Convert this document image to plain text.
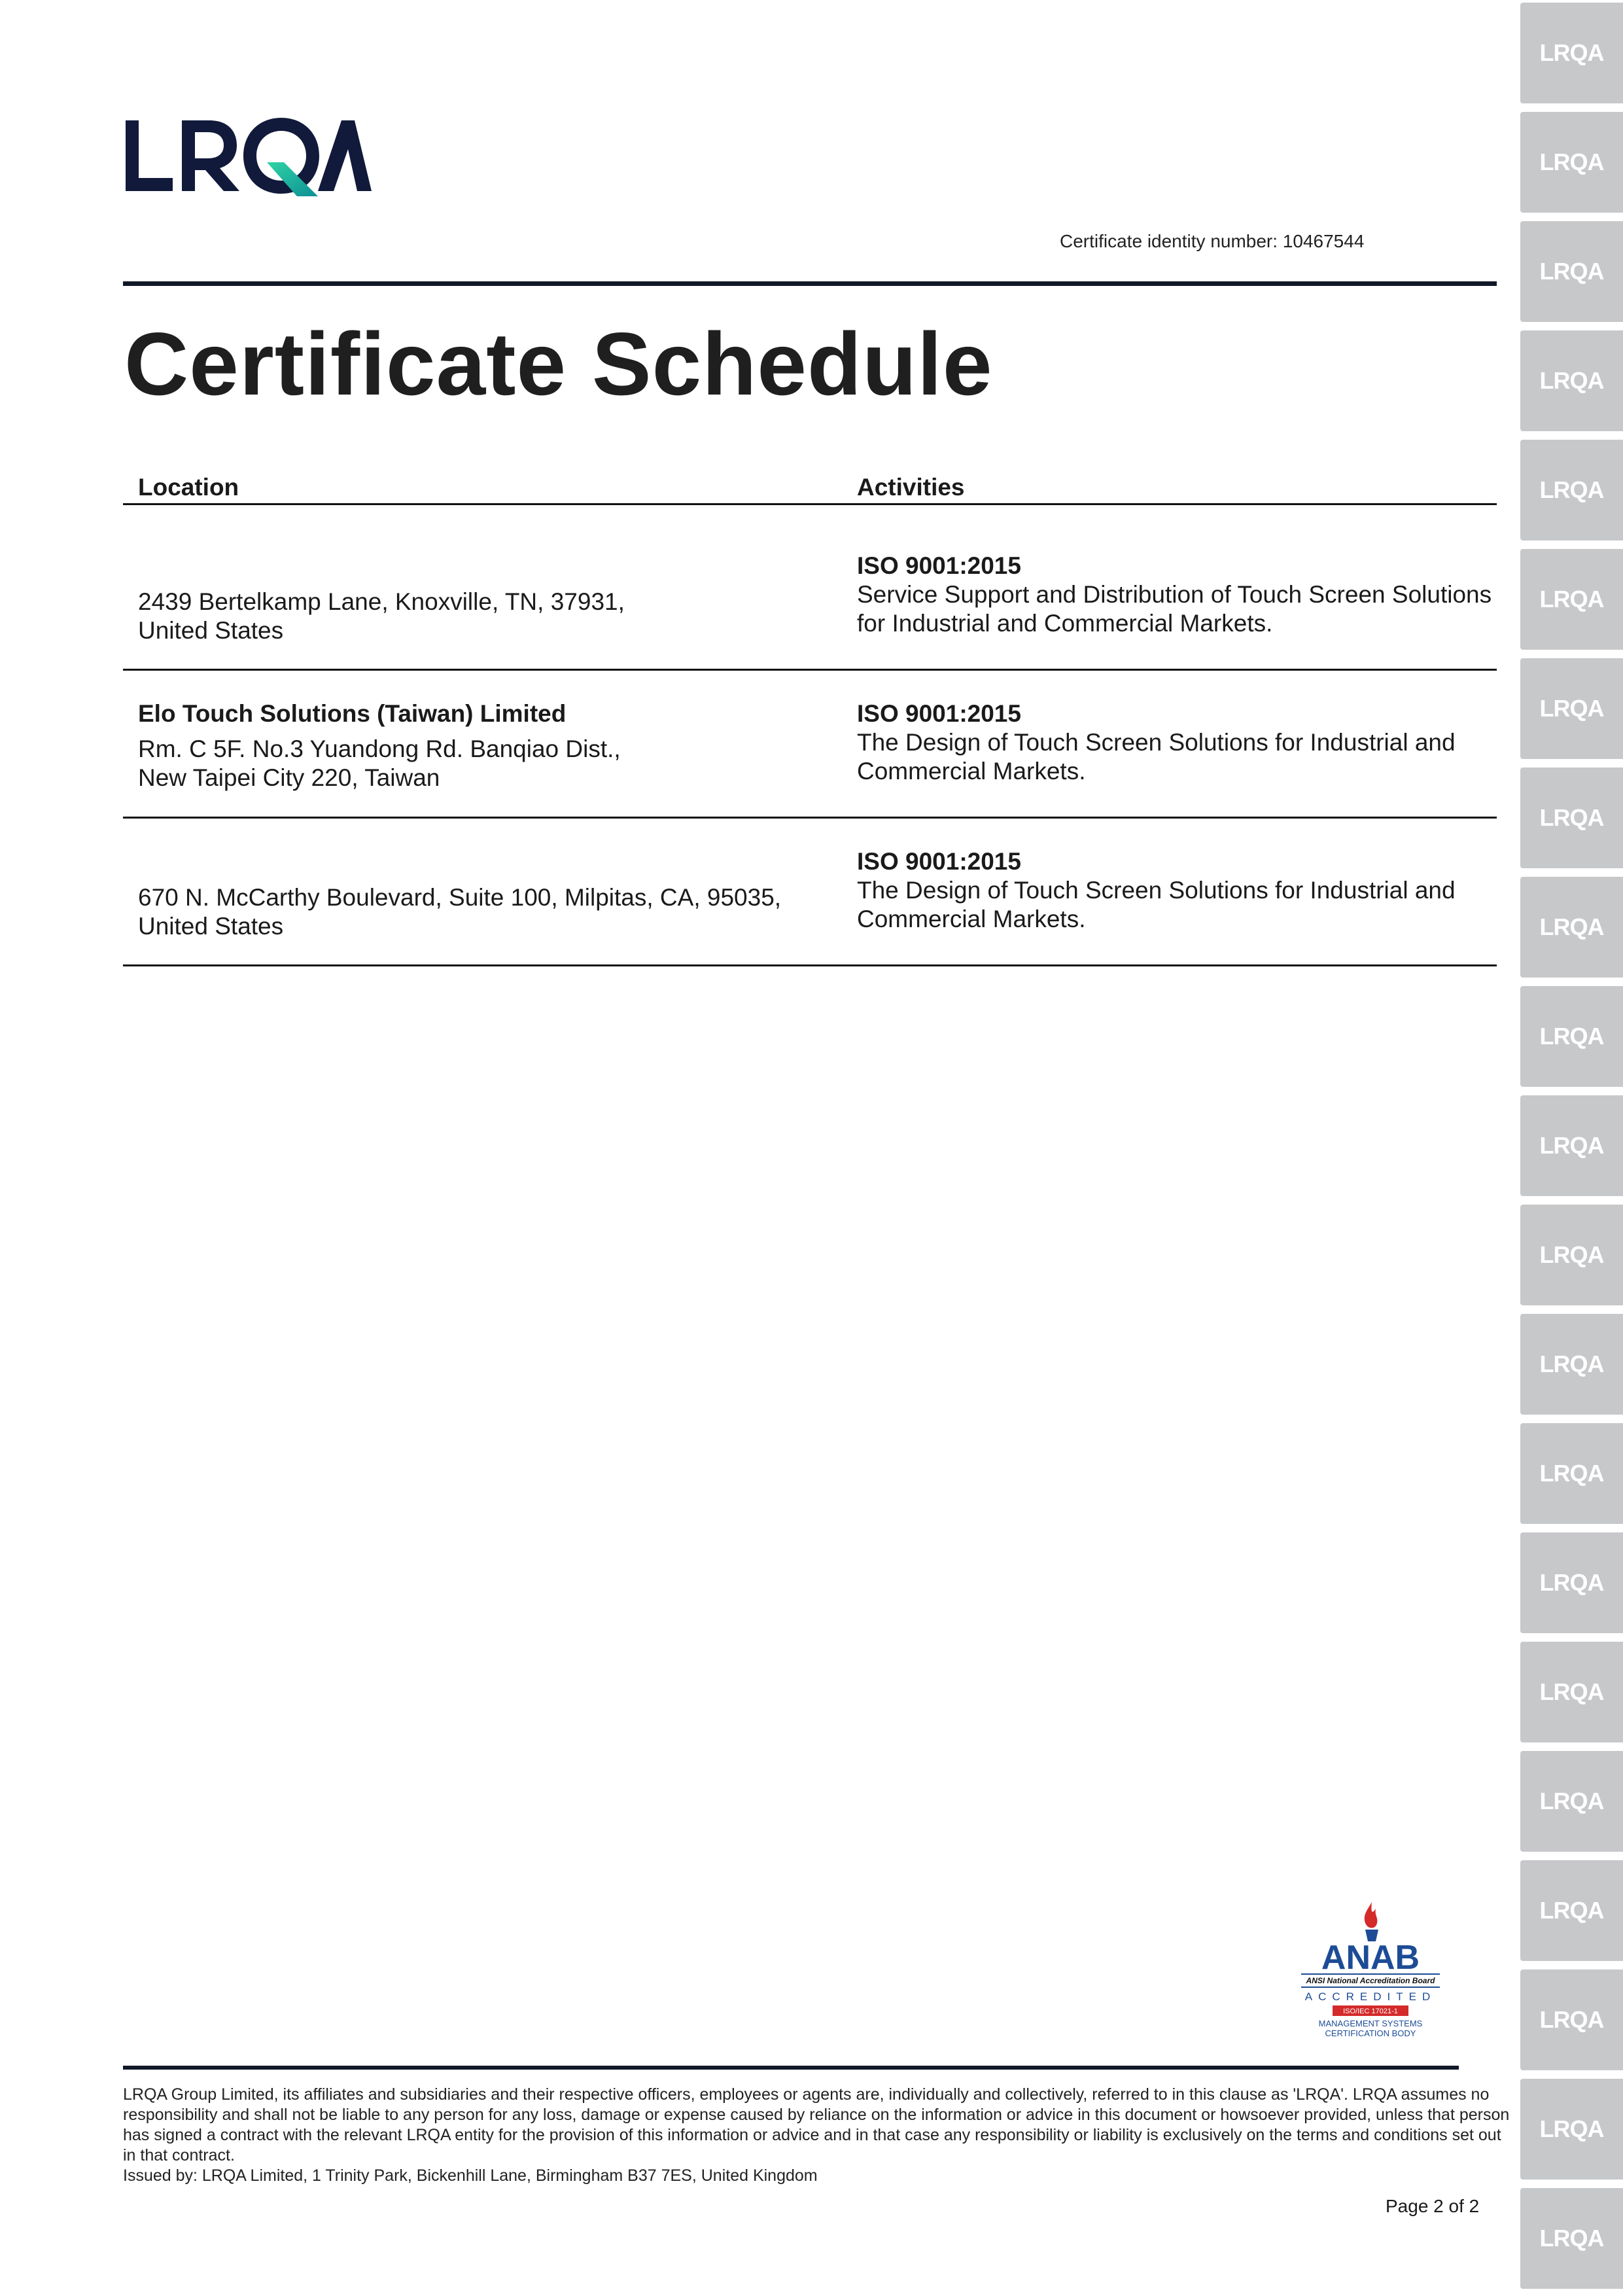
Certificate identity number: 10467544
Certificate Schedule
Location	Activities
2439 Bertelkamp Lane, Knoxville, TN, 37931,
United States
ISO 9001:2015
Service Support and Distribution of Touch Screen Solutions for Industrial and Commercial Markets.
Elo Touch Solutions (Taiwan) Limited
Rm. C 5F. No.3 Yuandong Rd. Banqiao Dist.,
New Taipei City 220, Taiwan
ISO 9001:2015
The Design of Touch Screen Solutions for Industrial and Commercial Markets.
670 N. McCarthy Boulevard, Suite 100, Milpitas, CA, 95035,
United States
ISO 9001:2015
The Design of Touch Screen Solutions for Industrial and Commercial Markets.
ANAB
ANSI National Accreditation Board
ACCREDITED
ISO/IEC 17021-1
MANAGEMENT SYSTEMS
CERTIFICATION BODY
LRQA Group Limited, its affiliates and subsidiaries and their respective officers, employees or agents are, individually and collectively, referred to in this clause as 'LRQA'. LRQA assumes no responsibility and shall not be liable to any person for any loss, damage or expense caused by reliance on the information or advice in this document or howsoever provided, unless that person has signed a contract with the relevant LRQA entity for the provision of this information or advice and in that case any responsibility or liability is exclusively on the terms and conditions set out in that contract.
Issued by: LRQA Limited, 1 Trinity Park, Bickenhill Lane, Birmingham B37 7ES, United Kingdom
Page 2 of 2
LRQA
LRQA
LRQA
LRQA
LRQA
LRQA
LRQA
LRQA
LRQA
LRQA
LRQA
LRQA
LRQA
LRQA
LRQA
LRQA
LRQA
LRQA
LRQA
LRQA
LRQA
